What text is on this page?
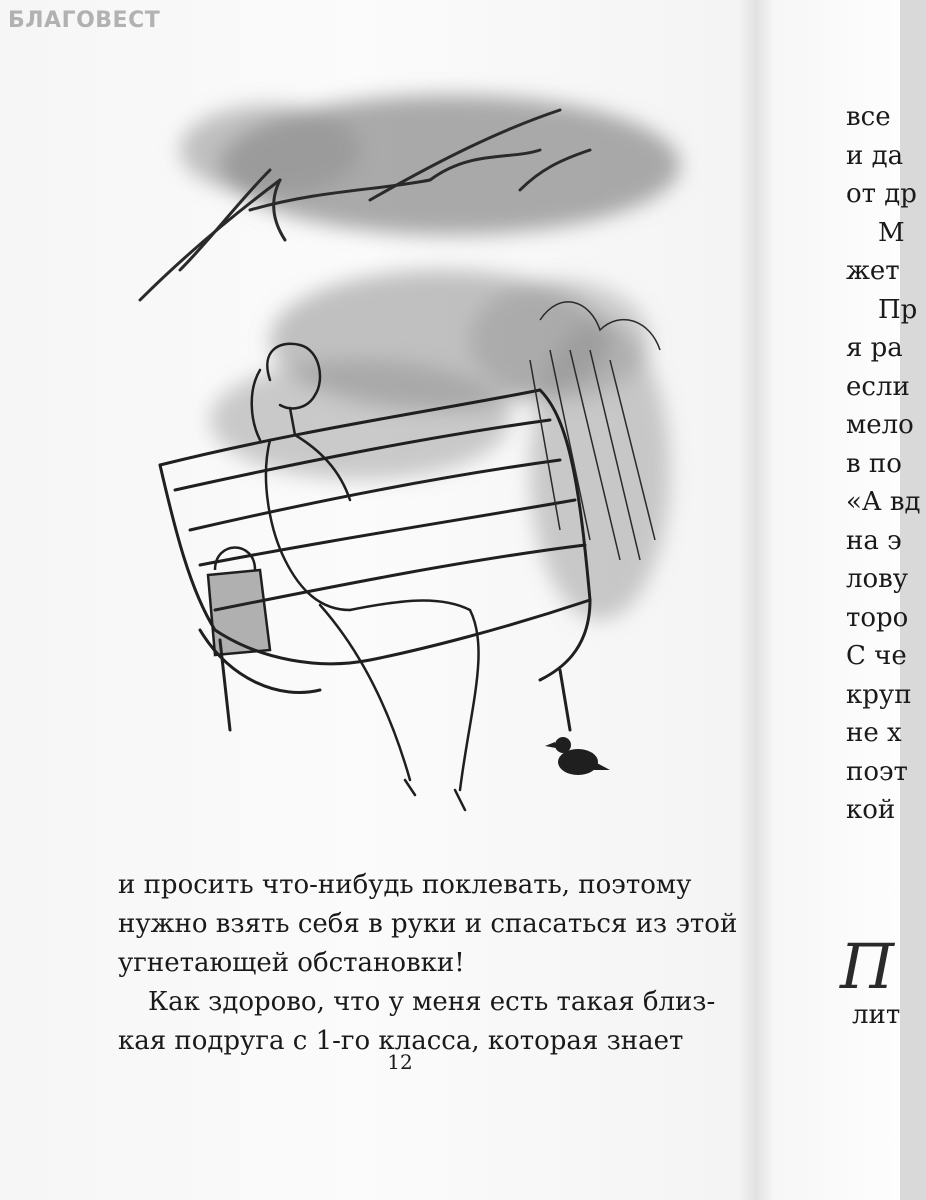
БЛАГОВЕСТ

и просить что-нибудь поклевать, поэтому
нужно взять себя в руки и спасаться из этой
угнетающей обстановки!

Как здорово, что у меня есть такая близ-
кая подруга с 1-го класса, которая знает

12
все
и да
от др
М
жет
Пр
я ра
если
мело
в по
«А вд
на э
лову
торо
С че
круп
не х
поэт
кой
П
лит
